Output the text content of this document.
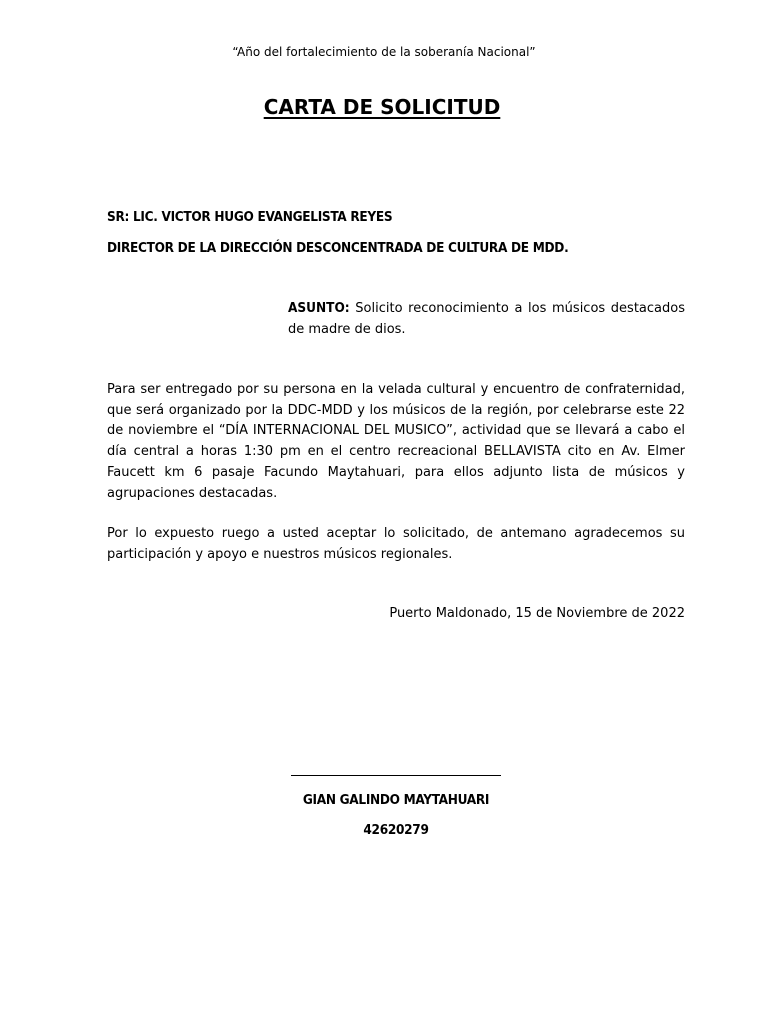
“Año del fortalecimiento de la soberanía Nacional”
CARTA DE SOLICITUD
SR: LIC. VICTOR HUGO EVANGELISTA REYES
DIRECTOR DE LA DIRECCIÓN DESCONCENTRADA DE CULTURA DE MDD.
ASUNTO: Solicito reconocimiento a los músicos destacados de madre de dios.
Para ser entregado por su persona en la velada cultural y encuentro de confraternidad, que será organizado por la DDC-MDD y los músicos de la región, por celebrarse este 22 de noviembre el “DÍA INTERNACIONAL DEL MUSICO”, actividad que se llevará a cabo el día central a horas 1:30 pm en el centro recreacional BELLAVISTA cito en Av. Elmer Faucett km 6 pasaje Facundo Maytahuari, para ellos adjunto lista de músicos y agrupaciones destacadas.
Por lo expuesto ruego a usted aceptar lo solicitado, de antemano agradecemos su participación y apoyo e nuestros músicos regionales.
Puerto Maldonado, 15 de Noviembre de 2022
GIAN GALINDO MAYTAHUARI
42620279
